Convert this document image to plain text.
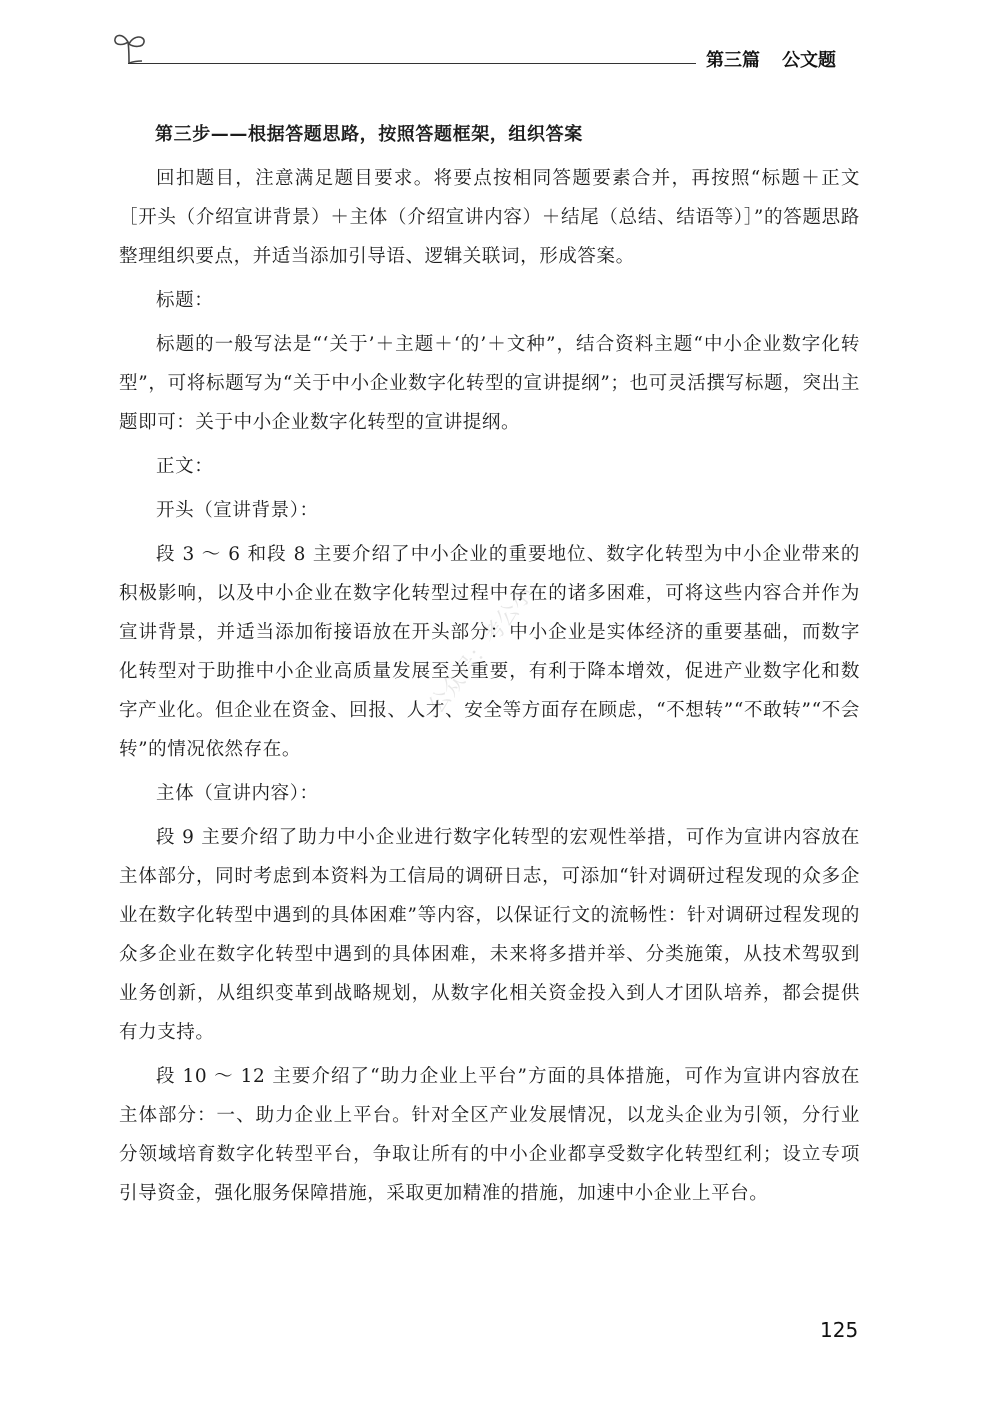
第三篇 公文题
公众号：考公小

第三步——根据答题思路，按照答题框架，组织答案

回扣题目，注意满足题目要求。将要点按相同答题要素合并，再按照“标题＋正文［开头（介绍宣讲背景）＋主体（介绍宣讲内容）＋结尾（总结、结语等）］”的答题思路整理组织要点，并适当添加引导语、逻辑关联词，形成答案。

标题：

标题的一般写法是“‘关于’＋主题＋‘的’＋文种”，结合资料主题“中小企业数字化转型”，可将标题写为“关于中小企业数字化转型的宣讲提纲”；也可灵活撰写标题，突出主题即可：关于中小企业数字化转型的宣讲提纲。

正文：

开头（宣讲背景）：

段 3 ～ 6 和段 8 主要介绍了中小企业的重要地位、数字化转型为中小企业带来的积极影响，以及中小企业在数字化转型过程中存在的诸多困难，可将这些内容合并作为宣讲背景，并适当添加衔接语放在开头部分：中小企业是实体经济的重要基础，而数字化转型对于助推中小企业高质量发展至关重要，有利于降本增效，促进产业数字化和数字产业化。但企业在资金、回报、人才、安全等方面存在顾虑，“不想转”“不敢转”“不会转”的情况依然存在。

主体（宣讲内容）：

段 9 主要介绍了助力中小企业进行数字化转型的宏观性举措，可作为宣讲内容放在主体部分，同时考虑到本资料为工信局的调研日志，可添加“针对调研过程发现的众多企业在数字化转型中遇到的具体困难”等内容，以保证行文的流畅性：针对调研过程发现的众多企业在数字化转型中遇到的具体困难，未来将多措并举、分类施策，从技术驾驭到业务创新，从组织变革到战略规划，从数字化相关资金投入到人才团队培养，都会提供有力支持。

段 10 ～ 12 主要介绍了“助力企业上平台”方面的具体措施，可作为宣讲内容放在主体部分：一、助力企业上平台。针对全区产业发展情况，以龙头企业为引领，分行业分领域培育数字化转型平台，争取让所有的中小企业都享受数字化转型红利；设立专项引导资金，强化服务保障措施，采取更加精准的措施，加速中小企业上平台。

125
